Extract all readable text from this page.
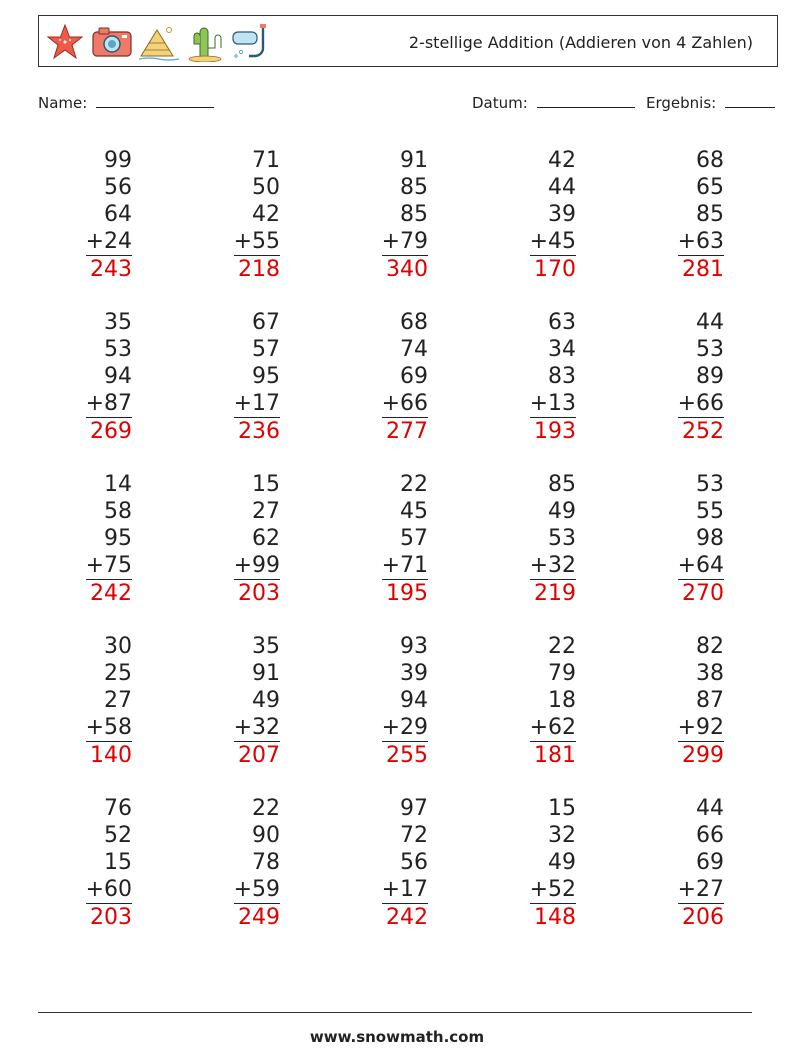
2-stellige Addition (Addieren von 4 Zahlen)
Name:	Datum:	Ergebnis:
99
56
64
+24
243
71
50
42
+55
218
91
85
85
+79
340
42
44
39
+45
170
68
65
85
+63
281
35
53
94
+87
269
67
57
95
+17
236
68
74
69
+66
277
63
34
83
+13
193
44
53
89
+66
252
14
58
95
+75
242
15
27
62
+99
203
22
45
57
+71
195
85
49
53
+32
219
53
55
98
+64
270
30
25
27
+58
140
35
91
49
+32
207
93
39
94
+29
255
22
79
18
+62
181
82
38
87
+92
299
76
52
15
+60
203
22
90
78
+59
249
97
72
56
+17
242
15
32
49
+52
148
44
66
69
+27
206
www.snowmath.com
